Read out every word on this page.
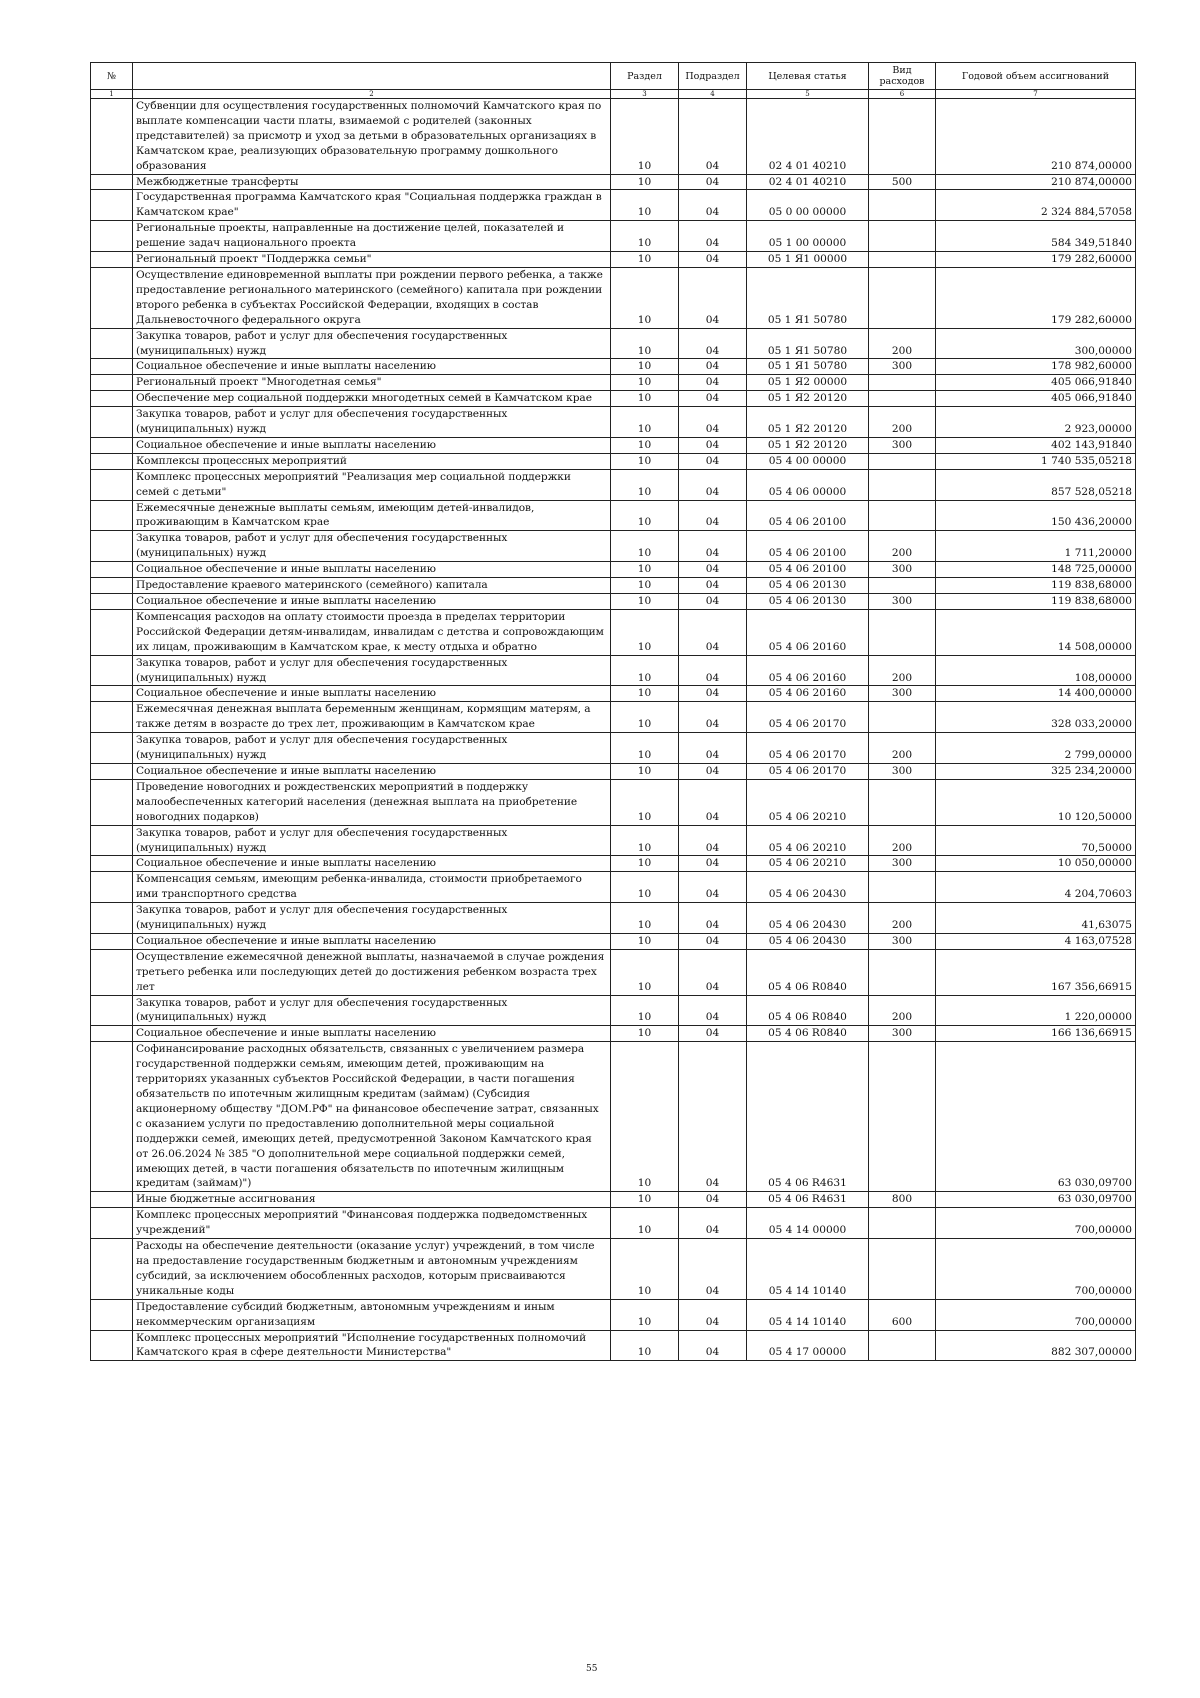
№		Раздел	Подраздел	Целевая статья	Вид расходов	Годовой объем ассигнований
1	2	3	4	5	6	7
	Субвенции для осуществления государственных полномочий Камчатского края по выплате компенсации части платы, взимаемой с родителей (законных представителей) за присмотр и уход за детьми в образовательных организациях в Камчатском крае, реализующих образовательную программу дошкольного образования	10	04	02 4 01 40210		210 874,00000
	Межбюджетные трансферты	10	04	02 4 01 40210	500	210 874,00000
	Государственная программа Камчатского края "Социальная поддержка граждан в Камчатском крае"	10	04	05 0 00 00000		2 324 884,57058
	Региональные проекты, направленные на достижение целей, показателей и решение задач национального проекта	10	04	05 1 00 00000		584 349,51840
	Региональный проект "Поддержка семьи"	10	04	05 1 Я1 00000		179 282,60000
	Осуществление единовременной выплаты при рождении первого ребенка, а также предоставление регионального материнского (семейного) капитала при рождении второго ребенка в субъектах Российской Федерации, входящих в состав Дальневосточного федерального округа	10	04	05 1 Я1 50780		179 282,60000
	Закупка товаров, работ и услуг для обеспечения государственных (муниципальных) нужд	10	04	05 1 Я1 50780	200	300,00000
	Социальное обеспечение и иные выплаты населению	10	04	05 1 Я1 50780	300	178 982,60000
	Региональный проект "Многодетная семья"	10	04	05 1 Я2 00000		405 066,91840
	Обеспечение мер социальной поддержки многодетных семей в Камчатском крае	10	04	05 1 Я2 20120		405 066,91840
	Закупка товаров, работ и услуг для обеспечения государственных (муниципальных) нужд	10	04	05 1 Я2 20120	200	2 923,00000
	Социальное обеспечение и иные выплаты населению	10	04	05 1 Я2 20120	300	402 143,91840
	Комплексы процессных мероприятий	10	04	05 4 00 00000		1 740 535,05218
	Комплекс процессных мероприятий "Реализация мер социальной поддержки семей с детьми"	10	04	05 4 06 00000		857 528,05218
	Ежемесячные денежные выплаты семьям, имеющим детей-инвалидов, проживающим в Камчатском крае	10	04	05 4 06 20100		150 436,20000
	Закупка товаров, работ и услуг для обеспечения государственных (муниципальных) нужд	10	04	05 4 06 20100	200	1 711,20000
	Социальное обеспечение и иные выплаты населению	10	04	05 4 06 20100	300	148 725,00000
	Предоставление краевого материнского (семейного) капитала	10	04	05 4 06 20130		119 838,68000
	Социальное обеспечение и иные выплаты населению	10	04	05 4 06 20130	300	119 838,68000
	Компенсация расходов на оплату стоимости проезда в пределах территории Российской Федерации детям-инвалидам, инвалидам с детства и сопровождающим их лицам, проживающим в Камчатском крае, к месту отдыха и обратно	10	04	05 4 06 20160		14 508,00000
	Закупка товаров, работ и услуг для обеспечения государственных (муниципальных) нужд	10	04	05 4 06 20160	200	108,00000
	Социальное обеспечение и иные выплаты населению	10	04	05 4 06 20160	300	14 400,00000
	Ежемесячная денежная выплата беременным женщинам, кормящим матерям, а также детям в возрасте до трех лет, проживающим в Камчатском крае	10	04	05 4 06 20170		328 033,20000
	Закупка товаров, работ и услуг для обеспечения государственных (муниципальных) нужд	10	04	05 4 06 20170	200	2 799,00000
	Социальное обеспечение и иные выплаты населению	10	04	05 4 06 20170	300	325 234,20000
	Проведение новогодних и рождественских мероприятий в поддержку малообеспеченных категорий населения (денежная выплата на приобретение новогодних подарков)	10	04	05 4 06 20210		10 120,50000
	Закупка товаров, работ и услуг для обеспечения государственных (муниципальных) нужд	10	04	05 4 06 20210	200	70,50000
	Социальное обеспечение и иные выплаты населению	10	04	05 4 06 20210	300	10 050,00000
	Компенсация семьям, имеющим ребенка-инвалида, стоимости приобретаемого ими транспортного средства	10	04	05 4 06 20430		4 204,70603
	Закупка товаров, работ и услуг для обеспечения государственных (муниципальных) нужд	10	04	05 4 06 20430	200	41,63075
	Социальное обеспечение и иные выплаты населению	10	04	05 4 06 20430	300	4 163,07528
	Осуществление ежемесячной денежной выплаты, назначаемой в случае рождения третьего ребенка или последующих детей до достижения ребенком возраста трех лет	10	04	05 4 06 R0840		167 356,66915
	Закупка товаров, работ и услуг для обеспечения государственных (муниципальных) нужд	10	04	05 4 06 R0840	200	1 220,00000
	Социальное обеспечение и иные выплаты населению	10	04	05 4 06 R0840	300	166 136,66915
	Софинансирование расходных обязательств, связанных с увеличением размера государственной поддержки семьям, имеющим детей, проживающим на территориях указанных субъектов Российской Федерации, в части погашения обязательств по ипотечным жилищным кредитам (займам) (Субсидия акционерному обществу "ДОМ.РФ" на финансовое обеспечение затрат, связанных с оказанием услуги по предоставлению дополнительной меры социальной поддержки семей, имеющих детей, предусмотренной Законом Камчатского края от 26.06.2024 № 385 "О дополнительной мере социальной поддержки семей, имеющих детей, в части погашения обязательств по ипотечным жилищным кредитам (займам)")	10	04	05 4 06 R4631		63 030,09700
	Иные бюджетные ассигнования	10	04	05 4 06 R4631	800	63 030,09700
	Комплекс процессных мероприятий "Финансовая поддержка подведомственных учреждений"	10	04	05 4 14 00000		700,00000
	Расходы на обеспечение деятельности (оказание услуг) учреждений, в том числе на предоставление государственным бюджетным и автономным учреждениям субсидий, за исключением обособленных расходов, которым присваиваются уникальные коды	10	04	05 4 14 10140		700,00000
	Предоставление субсидий бюджетным, автономным учреждениям и иным некоммерческим организациям	10	04	05 4 14 10140	600	700,00000
	Комплекс процессных мероприятий "Исполнение государственных полномочий Камчатского края в сфере деятельности Министерства"	10	04	05 4 17 00000		882 307,00000
55
